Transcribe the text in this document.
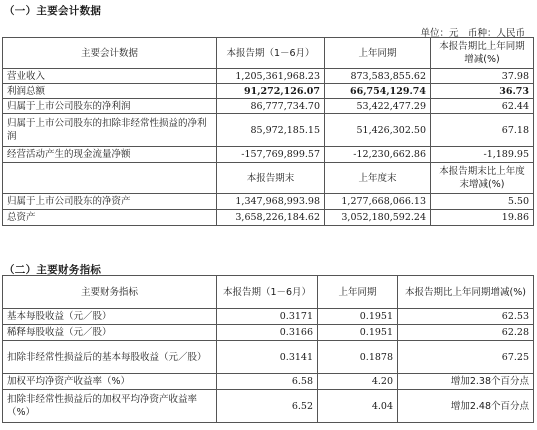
（一）主要会计数据
单位：元　币种：人民币
主要会计数据	本报告期（1－6月）	上年同期	本报告期比上年同期增减(%)
营业收入	1,205,361,968.23	873,583,855.62	37.98
利润总额	91,272,126.07	66,754,129.74	36.73
归属于上市公司股东的净利润	86,777,734.70	53,422,477.29	62.44
归属于上市公司股东的扣除非经常性损益的净利润	85,972,185.15	51,426,302.50	67.18
经营活动产生的现金流量净额	-157,769,899.57	-12,230,662.86	-1,189.95
	本报告期末	上年度末	本报告期末比上年度末增减(%)
归属于上市公司股东的净资产	1,347,968,993.98	1,277,668,066.13	5.50
总资产	3,658,226,184.62	3,052,180,592.24	19.86
（二）主要财务指标
主要财务指标	本报告期（1－6月）	上年同期	本报告期比上年同期增减(%)
基本每股收益（元／股）	0.3171	0.1951	62.53
稀释每股收益（元／股）	0.3166	0.1951	62.28
扣除非经常性损益后的基本每股收益（元／股）	0.3141	0.1878	67.25
加权平均净资产收益率（%）	6.58	4.20	增加2.38个百分点
扣除非经常性损益后的加权平均净资产收益率（%）	6.52	4.04	增加2.48个百分点
